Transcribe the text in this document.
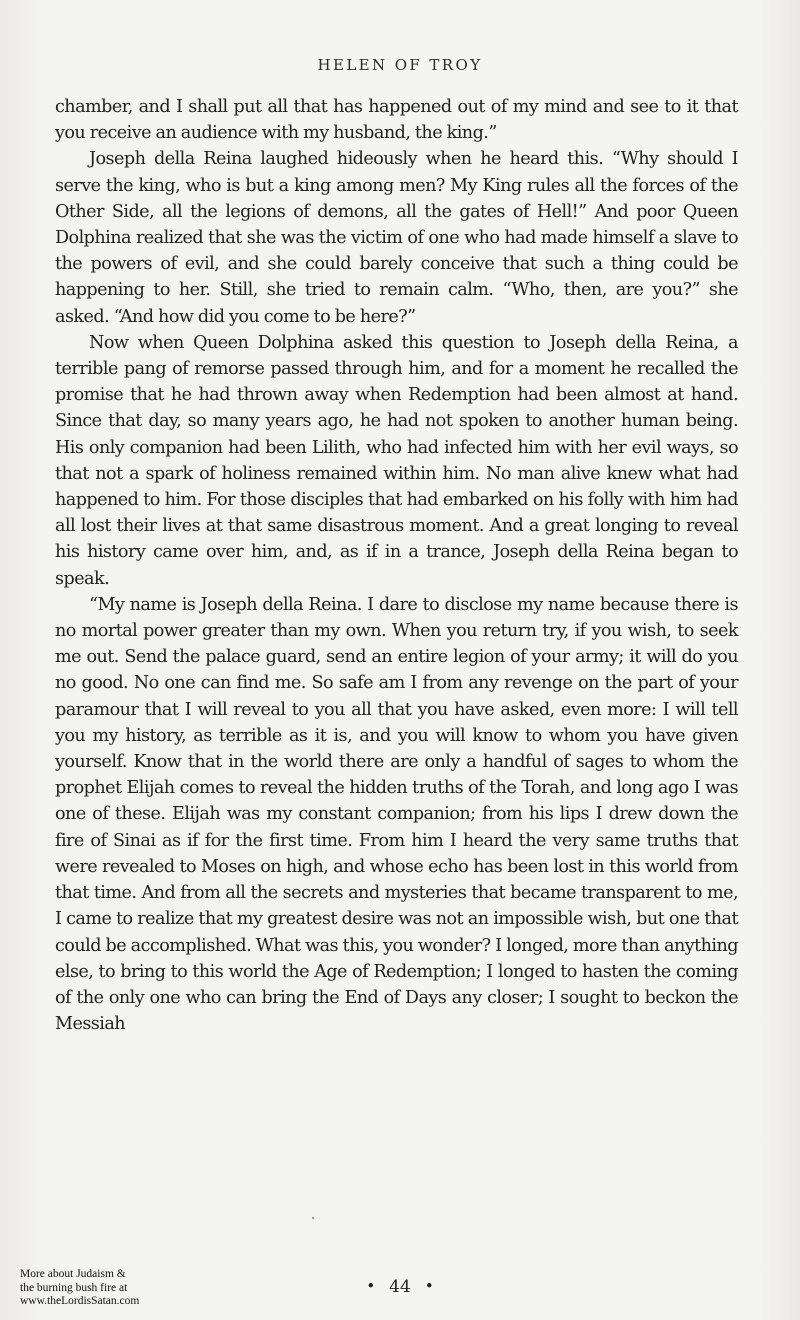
HELEN OF TROY

chamber, and I shall put all that has happened out of my mind and see to it that you receive an audience with my husband, the king.”

Joseph della Reina laughed hideously when he heard this. “Why should I serve the king, who is but a king among men? My King rules all the forces of the Other Side, all the legions of demons, all the gates of Hell!” And poor Queen Dolphina realized that she was the victim of one who had made himself a slave to the powers of evil, and she could barely conceive that such a thing could be happening to her. Still, she tried to remain calm. “Who, then, are you?” she asked. “And how did you come to be here?”

Now when Queen Dolphina asked this question to Joseph della Reina, a terrible pang of remorse passed through him, and for a moment he recalled the promise that he had thrown away when Redemption had been almost at hand. Since that day, so many years ago, he had not spoken to another human being. His only companion had been Lilith, who had infected him with her evil ways, so that not a spark of holiness remained within him. No man alive knew what had happened to him. For those disciples that had embarked on his folly with him had all lost their lives at that same disastrous moment. And a great longing to reveal his history came over him, and, as if in a trance, Joseph della Reina began to speak.

“My name is Joseph della Reina. I dare to disclose my name because there is no mortal power greater than my own. When you return try, if you wish, to seek me out. Send the palace guard, send an entire legion of your army; it will do you no good. No one can find me. So safe am I from any revenge on the part of your paramour that I will reveal to you all that you have asked, even more: I will tell you my history, as terrible as it is, and you will know to whom you have given yourself. Know that in the world there are only a handful of sages to whom the prophet Elijah comes to reveal the hidden truths of the Torah, and long ago I was one of these. Elijah was my constant companion; from his lips I drew down the fire of Sinai as if for the first time. From him I heard the very same truths that were revealed to Moses on high, and whose echo has been lost in this world from that time. And from all the secrets and mysteries that became transparent to me, I came to realize that my greatest desire was not an impossible wish, but one that could be accomplished. What was this, you wonder? I longed, more than anything else, to bring to this world the Age of Redemption; I longed to hasten the coming of the only one who can bring the End of Days any closer; I sought to beckon the Messiah

More about Judaism &
the burning bush fire at
www.theLordisSatan.com
• 44 •
